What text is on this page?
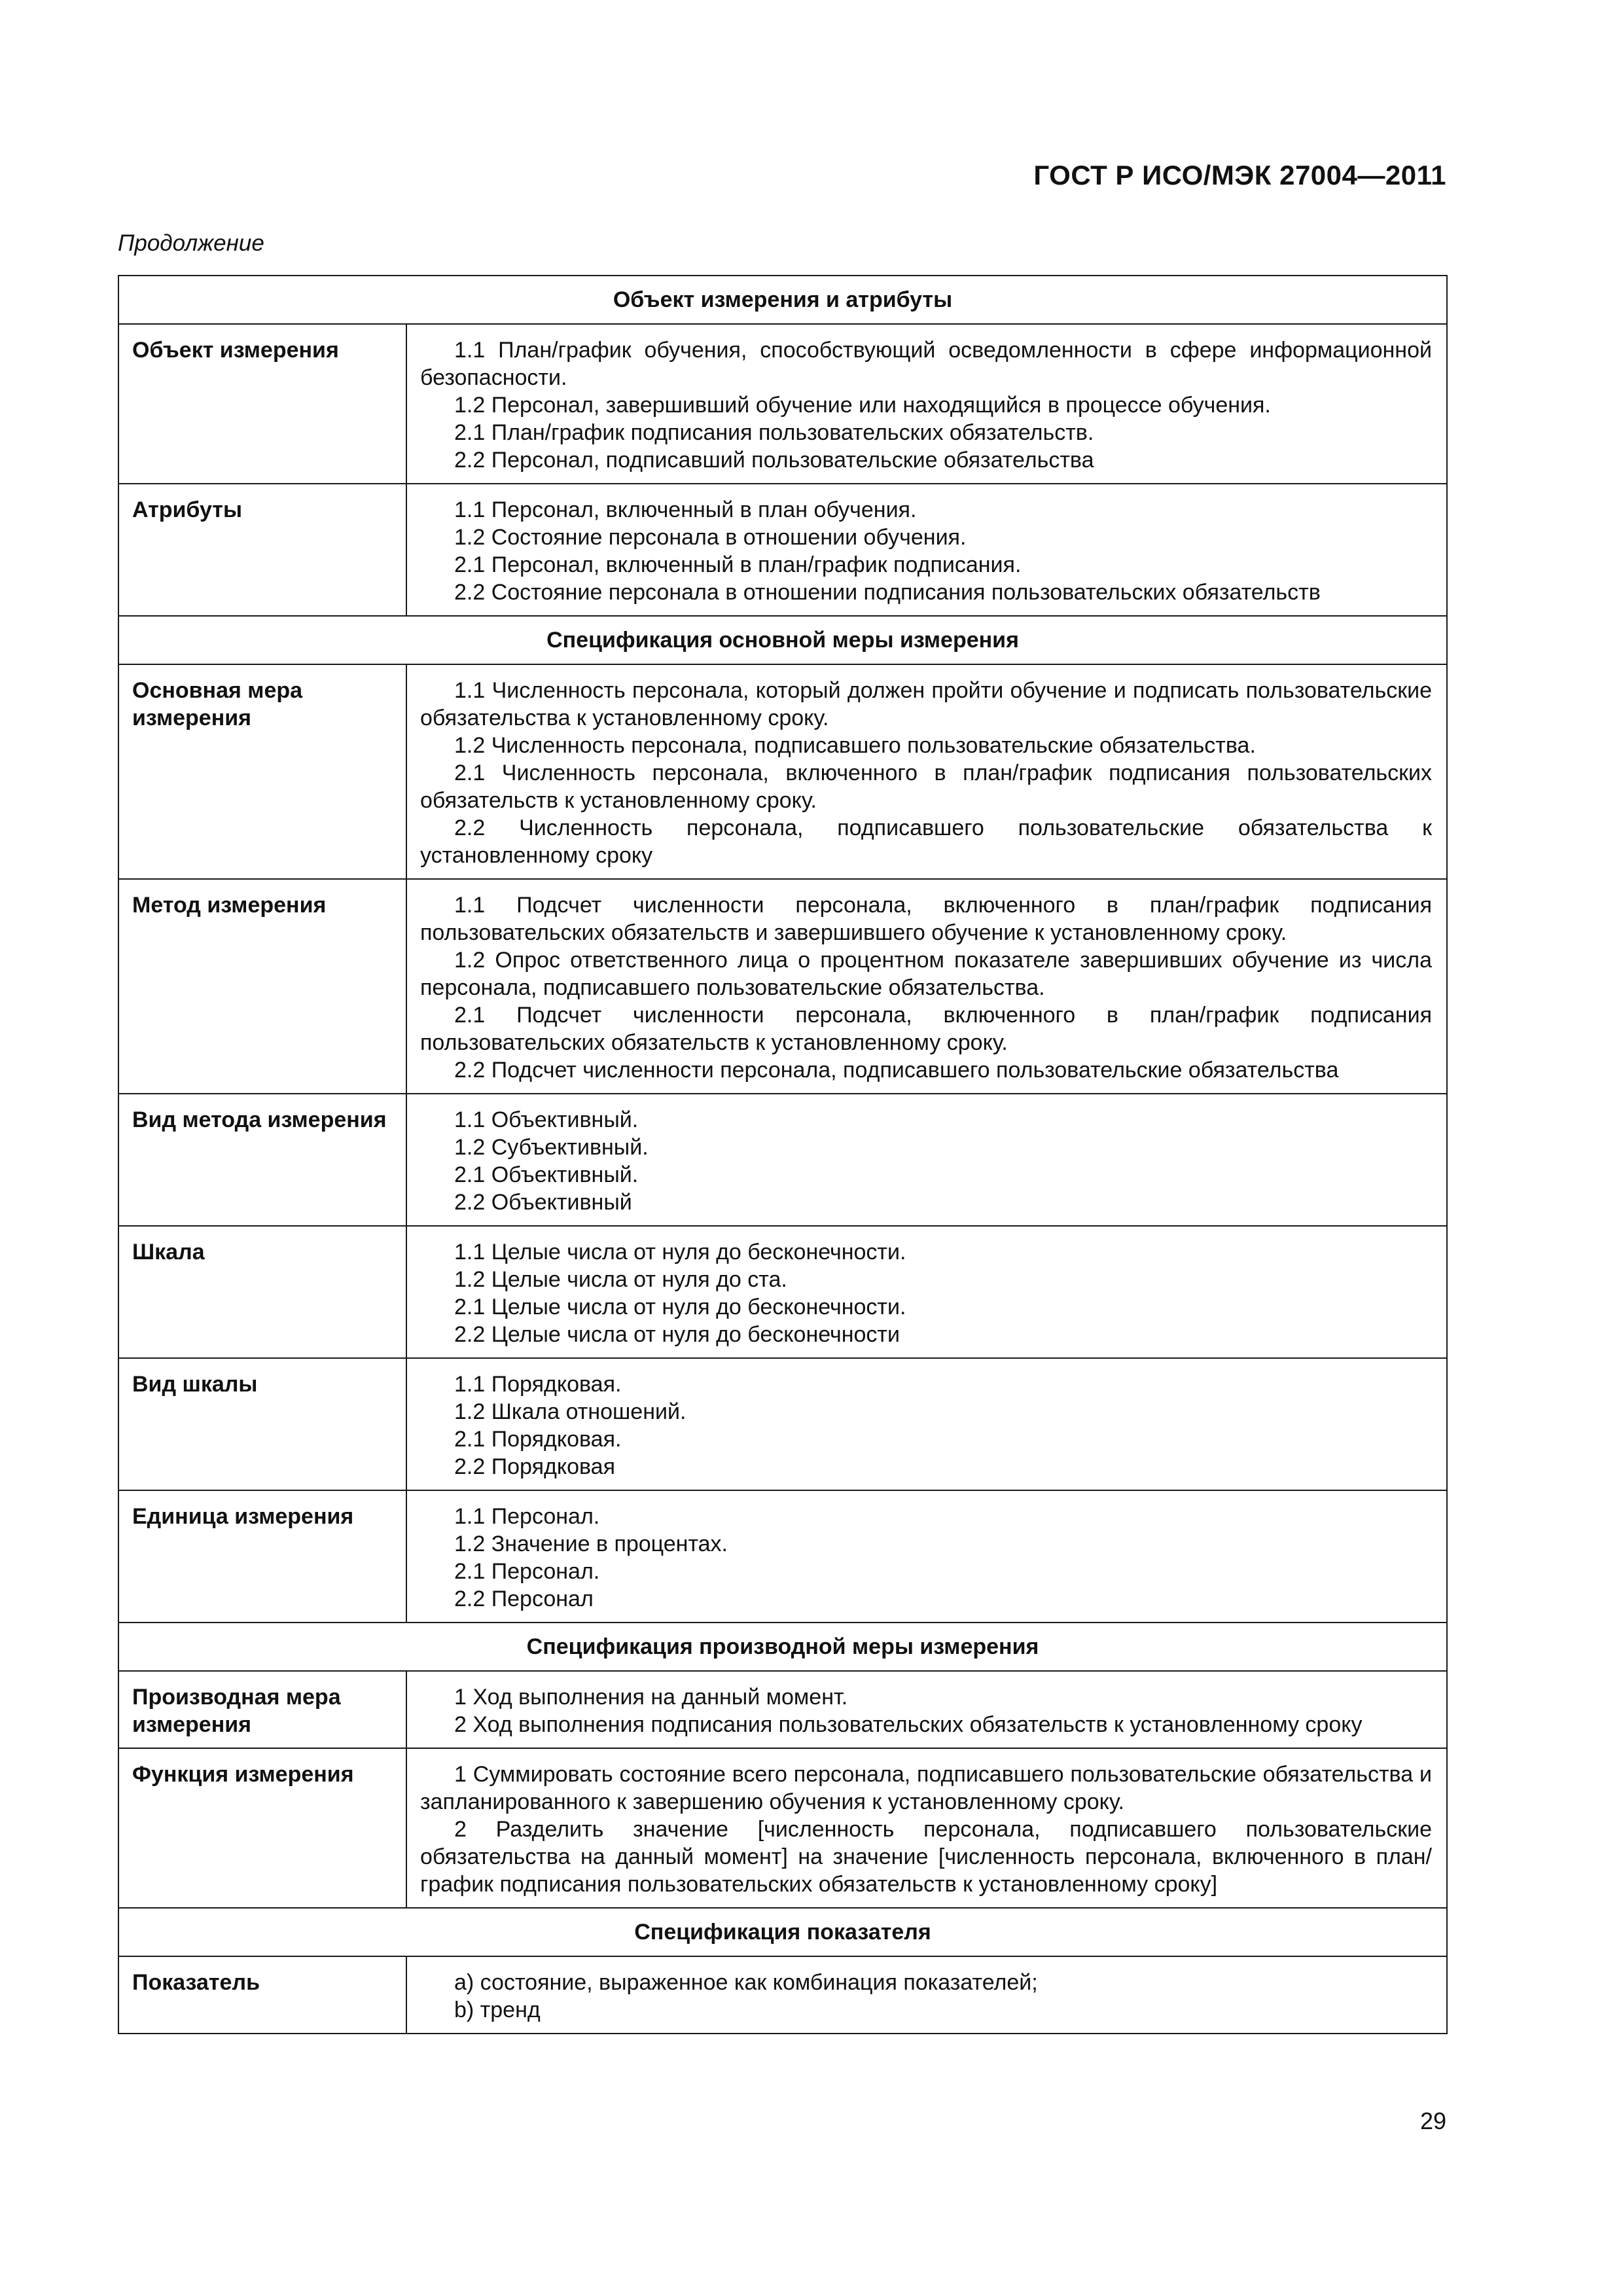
ГОСТ Р ИСО/МЭК 27004—2011
Продолжение
Объект измерения и атрибуты	
Объект измерения	1.1 План/график обучения, способствующий осведомленности в сфере информационной безопасности.
1.2 Персонал, завершивший обучение или находящийся в процессе обучения.
2.1 План/график подписания пользовательских обязательств.
2.2 Персонал, подписавший пользовательские обязательства

Атрибуты	1.1 Персонал, включенный в план обучения.
1.2 Состояние персонала в отношении обучения.
2.1 Персонал, включенный в план/график подписания.
2.2 Состояние персонала в отношении подписания пользовательских обязательств

Спецификация основной меры измерения	
Основная мера измерения	1.1 Численность персонала, который должен пройти обучение и подписать пользовательские обязательства к установленному сроку.
1.2 Численность персонала, подписавшего пользовательские обязательства.
2.1 Численность персонала, включенного в план/график подписания пользовательских обязательств к установленному сроку.
2.2 Численность персонала, подписавшего пользовательские обязательства к установленному сроку

Метод измерения	1.1 Подсчет численности персонала, включенного в план/график подписания пользовательских обязательств и завершившего обучение к установленному сроку.
1.2 Опрос ответственного лица о процентном показателе завершивших обучение из числа персонала, подписавшего пользовательские обязательства.
2.1 Подсчет численности персонала, включенного в план/график подписания пользовательских обязательств к установленному сроку.
2.2 Подсчет численности персонала, подписавшего пользовательские обязательства

Вид метода измерения	1.1 Объективный.
1.2 Субъективный.
2.1 Объективный.
2.2 Объективный

Шкала	1.1 Целые числа от нуля до бесконечности.
1.2 Целые числа от нуля до ста.
2.1 Целые числа от нуля до бесконечности.
2.2 Целые числа от нуля до бесконечности

Вид шкалы	1.1 Порядковая.
1.2 Шкала отношений.
2.1 Порядковая.
2.2 Порядковая

Единица измерения	1.1 Персонал.
1.2 Значение в процентах.
2.1 Персонал.
2.2 Персонал

Спецификация производной меры измерения	
Производная мера измерения	1 Ход выполнения на данный момент.
2 Ход выполнения подписания пользовательских обязательств к установленному сроку

Функция измерения	1 Суммировать состояние всего персонала, подписавшего пользовательские обязательства и запланированного к завершению обучения к установленному сроку.
2 Разделить значение [численность персонала, подписавшего пользовательские обязательства на данный момент] на значение [численность персонала, включенного в план/график подписания пользовательских обязательств к установленному сроку]

Спецификация показателя	
Показатель	a) состояние, выраженное как комбинация показателей;
b) тренд
29
